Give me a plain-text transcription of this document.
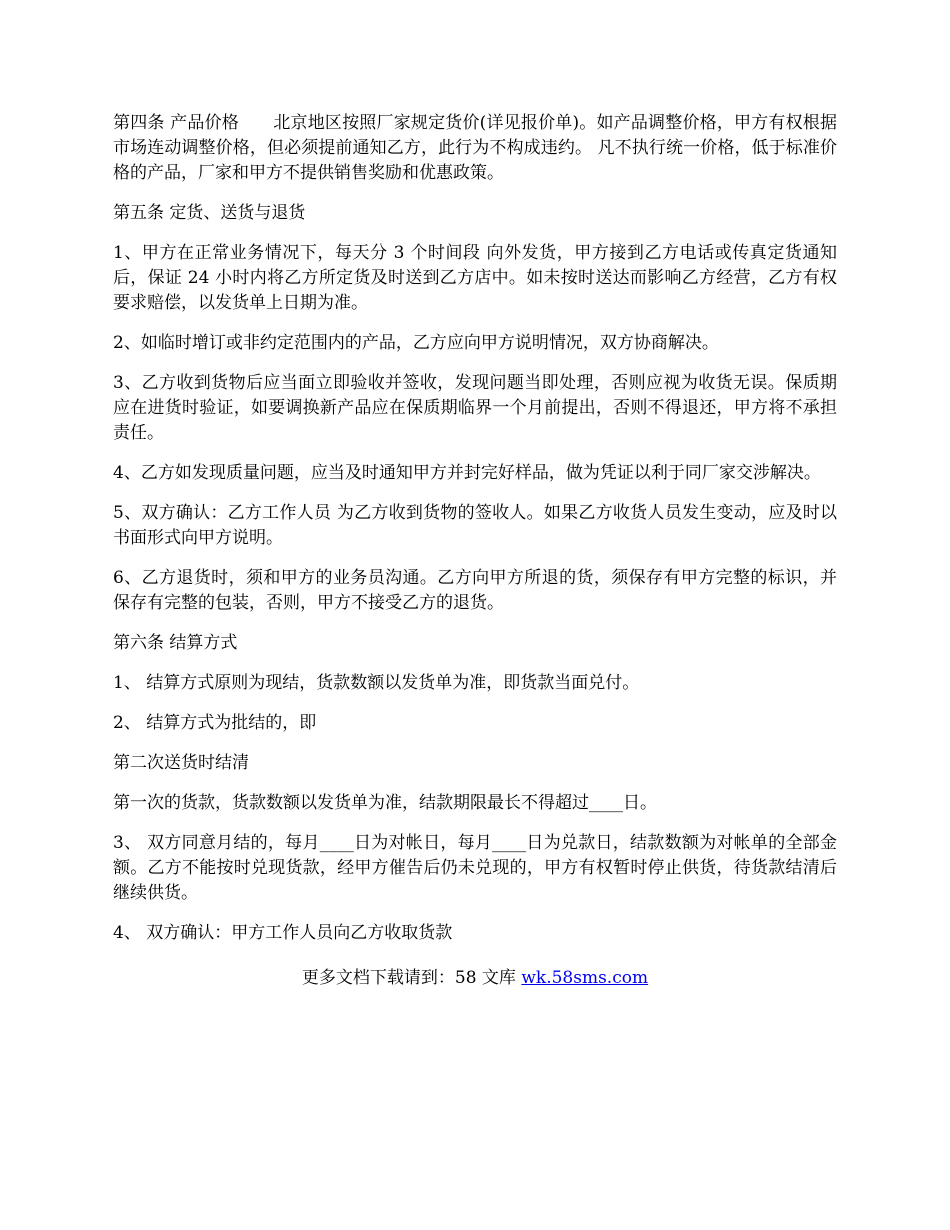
第四条 产品价格　　北京地区按照厂家规定货价(详见报价单)。如产品调整价格，甲方有权根据市场连动调整价格，但必须提前通知乙方，此行为不构成违约。 凡不执行统一价格，低于标准价格的产品，厂家和甲方不提供销售奖励和优惠政策。

第五条 定货、送货与退货

1、甲方在正常业务情况下，每天分 3 个时间段 向外发货，甲方接到乙方电话或传真定货通知后，保证 24 小时内将乙方所定货及时送到乙方店中。如未按时送达而影响乙方经营，乙方有权要求赔偿，以发货单上日期为准。

2、如临时增订或非约定范围内的产品，乙方应向甲方说明情况，双方协商解决。

3、乙方收到货物后应当面立即验收并签收，发现问题当即处理，否则应视为收货无误。保质期应在进货时验证，如要调换新产品应在保质期临界一个月前提出，否则不得退还，甲方将不承担责任。

4、乙方如发现质量问题，应当及时通知甲方并封完好样品，做为凭证以利于同厂家交涉解决。

5、双方确认：乙方工作人员 为乙方收到货物的签收人。如果乙方收货人员发生变动，应及时以书面形式向甲方说明。

6、乙方退货时，须和甲方的业务员沟通。乙方向甲方所退的货，须保存有甲方完整的标识，并保存有完整的包装，否则，甲方不接受乙方的退货。

第六条 结算方式

1、 结算方式原则为现结，货款数额以发货单为准，即货款当面兑付。

2、 结算方式为批结的，即

第二次送货时结清

第一次的货款，货款数额以发货单为准，结款期限最长不得超过____日。

3、 双方同意月结的，每月____日为对帐日，每月____日为兑款日，结款数额为对帐单的全部金额。乙方不能按时兑现货款，经甲方催告后仍未兑现的，甲方有权暂时停止供货，待货款结清后继续供货。

4、 双方确认：甲方工作人员向乙方收取货款

更多文档下载请到：58 文库 wk.58sms.com
